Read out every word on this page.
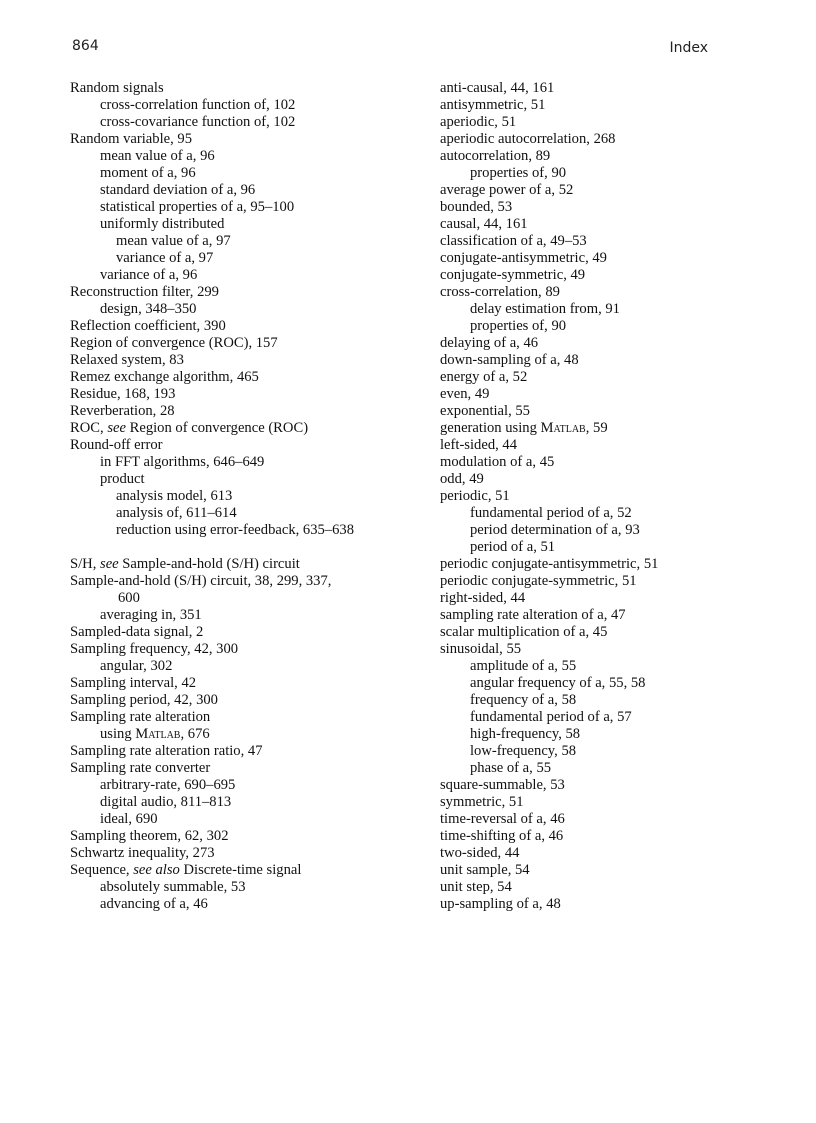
864	Index
Random signals
cross-correlation function of, 102
cross-covariance function of, 102
Random variable, 95
mean value of a, 96
moment of a, 96
standard deviation of a, 96
statistical properties of a, 95–100
uniformly distributed
mean value of a, 97
variance of a, 97
variance of a, 96
Reconstruction filter, 299
design, 348–350
Reflection coefficient, 390
Region of convergence (ROC), 157
Relaxed system, 83
Remez exchange algorithm, 465
Residue, 168, 193
Reverberation, 28
ROC, see Region of convergence (ROC)
Round-off error
in FFT algorithms, 646–649
product
analysis model, 613
analysis of, 611–614
reduction using error-feedback, 635–638
S/H, see Sample-and-hold (S/H) circuit
Sample-and-hold (S/H) circuit, 38, 299, 337,
600
averaging in, 351
Sampled-data signal, 2
Sampling frequency, 42, 300
angular, 302
Sampling interval, 42
Sampling period, 42, 300
Sampling rate alteration
using Matlab, 676
Sampling rate alteration ratio, 47
Sampling rate converter
arbitrary-rate, 690–695
digital audio, 811–813
ideal, 690
Sampling theorem, 62, 302
Schwartz inequality, 273
Sequence, see also Discrete-time signal
absolutely summable, 53
advancing of a, 46
anti-causal, 44, 161
antisymmetric, 51
aperiodic, 51
aperiodic autocorrelation, 268
autocorrelation, 89
properties of, 90
average power of a, 52
bounded, 53
causal, 44, 161
classification of a, 49–53
conjugate-antisymmetric, 49
conjugate-symmetric, 49
cross-correlation, 89
delay estimation from, 91
properties of, 90
delaying of a, 46
down-sampling of a, 48
energy of a, 52
even, 49
exponential, 55
generation using Matlab, 59
left-sided, 44
modulation of a, 45
odd, 49
periodic, 51
fundamental period of a, 52
period determination of a, 93
period of a, 51
periodic conjugate-antisymmetric, 51
periodic conjugate-symmetric, 51
right-sided, 44
sampling rate alteration of a, 47
scalar multiplication of a, 45
sinusoidal, 55
amplitude of a, 55
angular frequency of a, 55, 58
frequency of a, 58
fundamental period of a, 57
high-frequency, 58
low-frequency, 58
phase of a, 55
square-summable, 53
symmetric, 51
time-reversal of a, 46
time-shifting of a, 46
two-sided, 44
unit sample, 54
unit step, 54
up-sampling of a, 48
